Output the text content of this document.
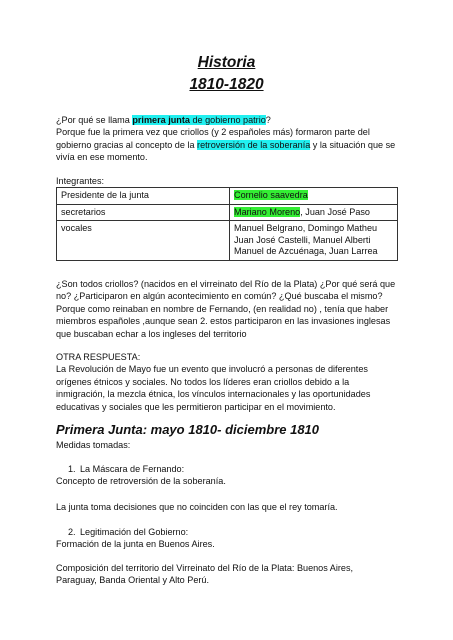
Historia
1810-1820
¿Por qué se llama primera junta de gobierno patrio?
Porque fue la primera vez que criollos (y 2 españoles más) formaron parte del
gobierno gracias al concepto de la retroversión de la soberanía y la situación que se
vivía en ese momento.
Integrantes:
Presidente de la junta	Cornelio saavedra
secretarios	Mariano Moreno, Juan José Paso
vocales	Manuel Belgrano, Domingo Matheu
Juan José Castelli, Manuel Alberti
Manuel de Azcuénaga, Juan Larrea
¿Son todos criollos? (nacidos en el virreinato del Río de la Plata) ¿Por qué será que
no? ¿Participaron en algún acontecimiento en común? ¿Qué buscaba el mismo?
Porque como reinaban en nombre de Fernando, (en realidad no) , tenía que haber
miembros españoles ,aunque sean 2. estos participaron en las invasiones inglesas
que buscaban echar a los ingleses del territorio
OTRA RESPUESTA:
La Revolución de Mayo fue un evento que involucró a personas de diferentes
orígenes étnicos y sociales. No todos los líderes eran criollos debido a la
inmigración, la mezcla étnica, los vínculos internacionales y las oportunidades
educativas y sociales que les permitieron participar en el movimiento.
Primera Junta: mayo 1810- diciembre 1810
Medidas tomadas:
1. La Máscara de Fernando:
Concepto de retroversión de la soberanía.
La junta toma decisiones que no coinciden con las que el rey tomaría.
2. Legitimación del Gobierno:
Formación de la junta en Buenos Aires.
Composición del territorio del Virreinato del Río de la Plata: Buenos Aires,
Paraguay, Banda Oriental y Alto Perú.
